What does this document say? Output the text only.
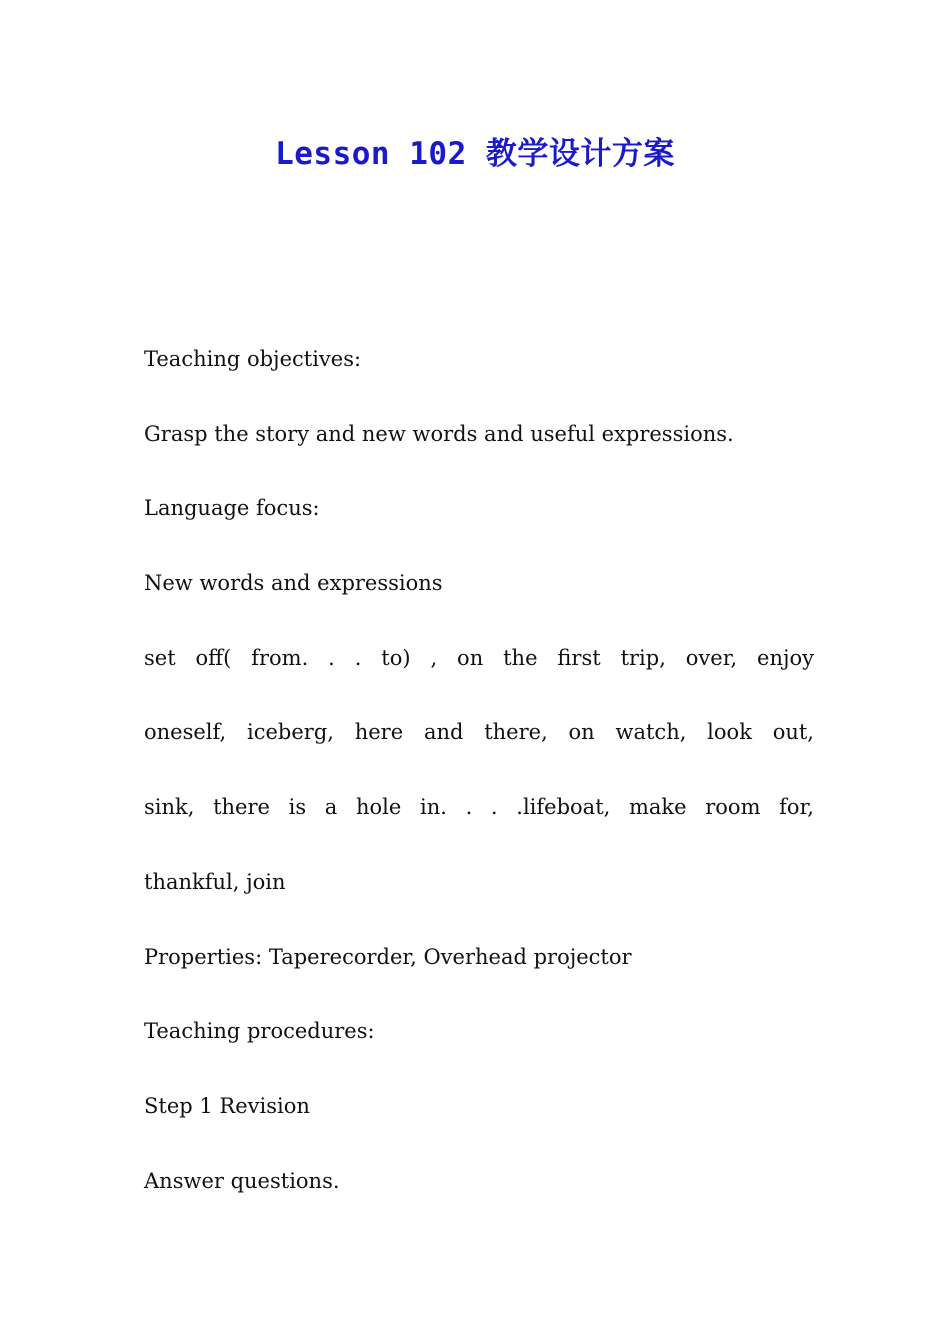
Lesson 102 教学设计方案

Teaching objectives:

Grasp the story and new words and useful expressions.

Language focus:

New words and expressions

set off( from. . . to) , on the first trip, over, enjoy

oneself, iceberg, here and there, on watch, look out,

sink, there is a hole in. . . .lifeboat, make room for,

thankful, join

Properties: Taperecorder, Overhead projector

Teaching procedures:

Step 1 Revision

Answer questions.
